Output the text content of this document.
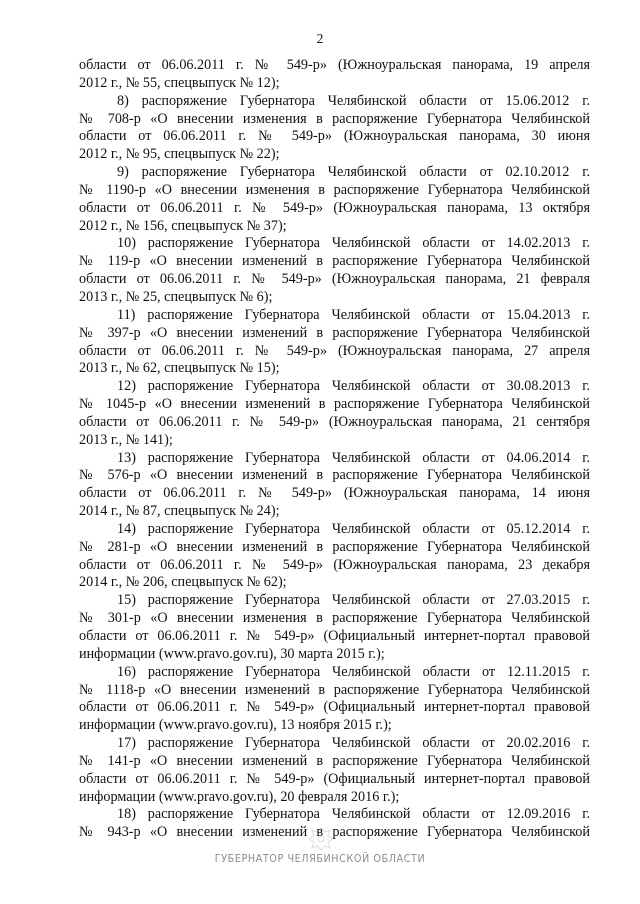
2
области от 06.06.2011 г. № 549-р» (Южноуральская панорама, 19 апреля
2012 г., № 55, спецвыпуск № 12);
8) распоряжение Губернатора Челябинской области от 15.06.2012 г.
№ 708-р «О внесении изменения в распоряжение Губернатора Челябинской
области от 06.06.2011 г. № 549-р» (Южноуральская панорама, 30 июня
2012 г., № 95, спецвыпуск № 22);
9) распоряжение Губернатора Челябинской области от 02.10.2012 г.
№ 1190-р «О внесении изменения в распоряжение Губернатора Челябинской
области от 06.06.2011 г. № 549-р» (Южноуральская панорама, 13 октября
2012 г., № 156, спецвыпуск № 37);
10) распоряжение Губернатора Челябинской области от 14.02.2013 г.
№ 119-р «О внесении изменений в распоряжение Губернатора Челябинской
области от 06.06.2011 г. № 549-р» (Южноуральская панорама, 21 февраля
2013 г., № 25, спецвыпуск № 6);
11) распоряжение Губернатора Челябинской области от 15.04.2013 г.
№ 397-р «О внесении изменений в распоряжение Губернатора Челябинской
области от 06.06.2011 г. № 549-р» (Южноуральская панорама, 27 апреля
2013 г., № 62, спецвыпуск № 15);
12) распоряжение Губернатора Челябинской области от 30.08.2013 г.
№ 1045-р «О внесении изменений в распоряжение Губернатора Челябинской
области от 06.06.2011 г. № 549-р» (Южноуральская панорама, 21 сентября
2013 г., № 141);
13) распоряжение Губернатора Челябинской области от 04.06.2014 г.
№ 576-р «О внесении изменений в распоряжение Губернатора Челябинской
области от 06.06.2011 г. № 549-р» (Южноуральская панорама, 14 июня
2014 г., № 87, спецвыпуск № 24);
14) распоряжение Губернатора Челябинской области от 05.12.2014 г.
№ 281-р «О внесении изменений в распоряжение Губернатора Челябинской
области от 06.06.2011 г. № 549-р» (Южноуральская панорама, 23 декабря
2014 г., № 206, спецвыпуск № 62);
15) распоряжение Губернатора Челябинской области от 27.03.2015 г.
№ 301-р «О внесении изменения в распоряжение Губернатора Челябинской
области от 06.06.2011 г. № 549-р» (Официальный интернет-портал правовой
информации (www.pravo.gov.ru), 30 марта 2015 г.);
16) распоряжение Губернатора Челябинской области от 12.11.2015 г.
№ 1118-р «О внесении изменений в распоряжение Губернатора Челябинской
области от 06.06.2011 г. № 549-р» (Официальный интернет-портал правовой
информации (www.pravo.gov.ru), 13 ноября 2015 г.);
17) распоряжение Губернатора Челябинской области от 20.02.2016 г.
№ 141-р «О внесении изменений в распоряжение Губернатора Челябинской
области от 06.06.2011 г. № 549-р» (Официальный интернет-портал правовой
информации (www.pravo.gov.ru), 20 февраля 2016 г.);
18) распоряжение Губернатора Челябинской области от 12.09.2016 г.
№ 943-р «О внесении изменений в распоряжение Губернатора Челябинской
ГУБЕРНАТОР ЧЕЛЯБИНСКОЙ ОБЛАСТИ
